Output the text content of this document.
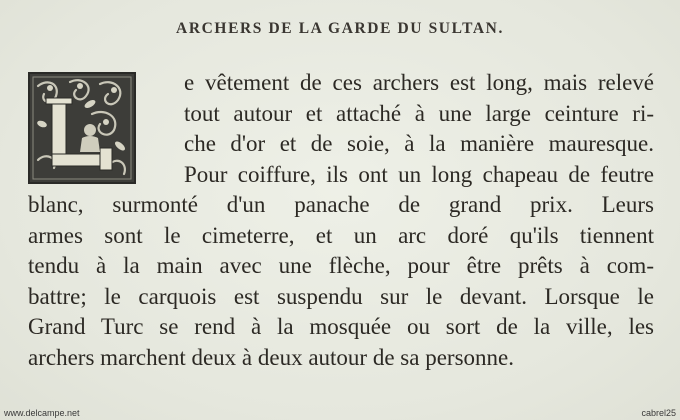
ARCHERS DE LA GARDE DU SULTAN.
e vêtement de ces archers est long, mais relevé
tout autour et attaché à une large ceinture ri-
che d'or et de soie, à la manière mauresque.
Pour coiffure, ils ont un long chapeau de feutre
blanc, surmonté d'un panache de grand prix. Leurs
armes sont le cimeterre, et un arc doré qu'ils tiennent
tendu à la main avec une flèche, pour être prêts à com-
battre; le carquois est suspendu sur le devant. Lorsque le
Grand Turc se rend à la mosquée ou sort de la ville, les
archers marchent deux à deux autour de sa personne.
www.delcampe.net	cabrel25
